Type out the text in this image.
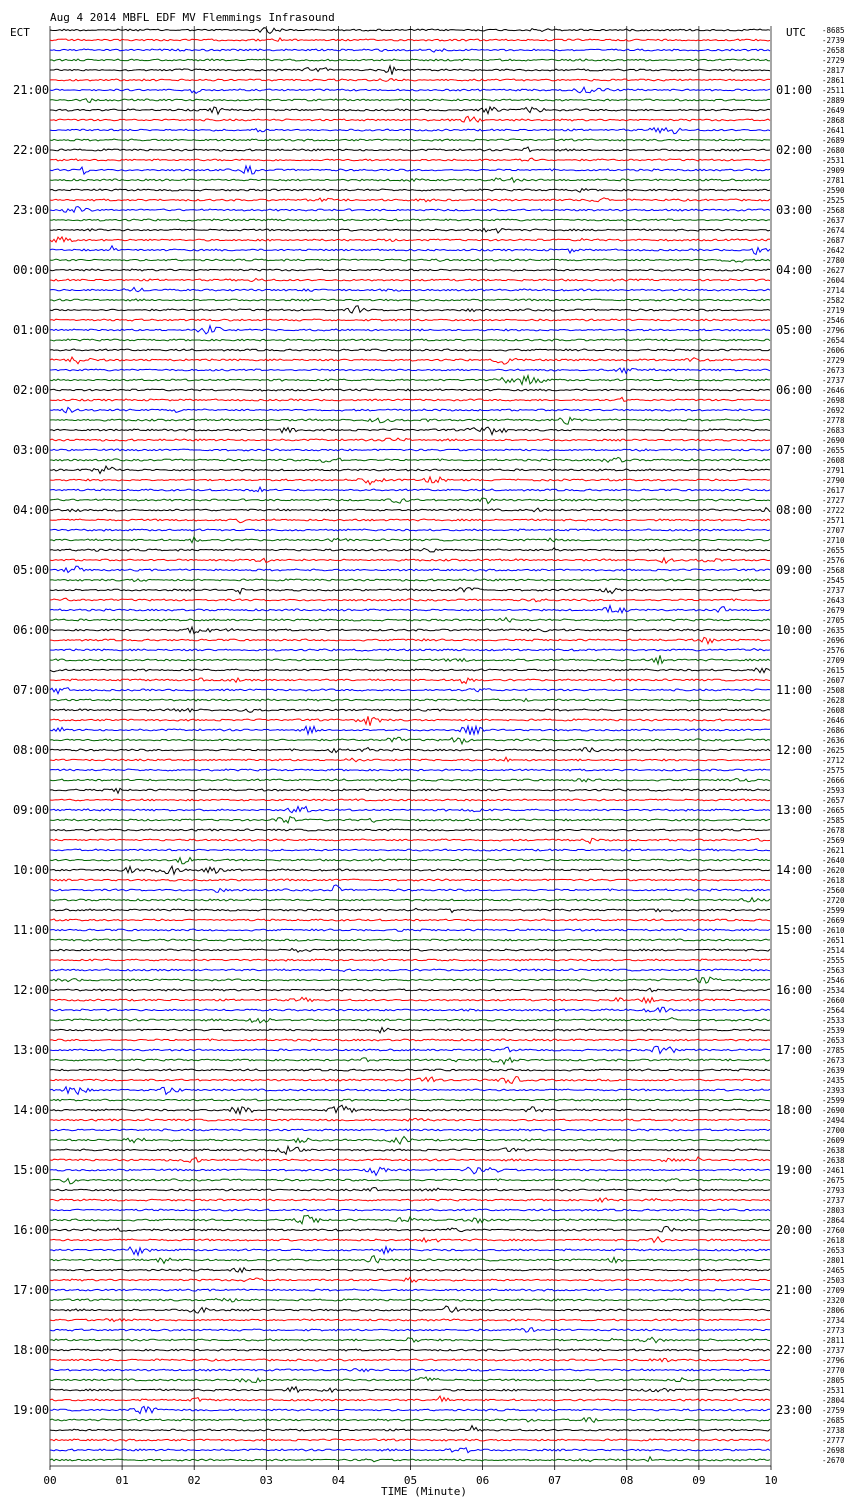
Aug 4 2014 MBFL EDF MV Flemmings Infrasound
ECT	UTC
21:00
22:00
23:00
00:00
01:00
02:00
03:00
04:00
05:00
06:00
07:00
08:00
09:00
10:00
11:00
12:00
13:00
14:00
15:00
16:00
17:00
18:00
19:00
01:00
02:00
03:00
04:00
05:00
06:00
07:00
08:00
09:00
10:00
11:00
12:00
13:00
14:00
15:00
16:00
17:00
18:00
19:00
20:00
21:00
22:00
23:00
-8685
-2739
-2658
-2729
-2817
-2861
-2511
-2889
-2649
-2868
-2641
-2689
-2680
-2531
-2909
-2781
-2590
-2525
-2568
-2637
-2674
-2687
-2642
-2780
-2627
-2604
-2714
-2582
-2719
-2546
-2796
-2654
-2606
-2729
-2673
-2737
-2646
-2698
-2692
-2778
-2683
-2690
-2655
-2608
-2791
-2790
-2617
-2727
-2722
-2571
-2707
-2710
-2655
-2576
-2568
-2545
-2737
-2643
-2679
-2705
-2635
-2696
-2576
-2709
-2615
-2607
-2508
-2628
-2608
-2646
-2686
-2636
-2625
-2712
-2575
-2666
-2593
-2657
-2665
-2585
-2678
-2569
-2621
-2640
-2620
-2618
-2560
-2720
-2599
-2669
-2610
-2651
-2514
-2555
-2563
-2546
-2534
-2660
-2564
-2533
-2539
-2653
-2785
-2673
-2639
-2435
-2393
-2599
-2690
-2494
-2700
-2609
-2638
-2638
-2461
-2675
-2793
-2737
-2803
-2864
-2760
-2618
-2653
-2801
-2465
-2503
-2709
-2320
-2806
-2734
-2773
-2811
-2737
-2796
-2770
-2805
-2531
-2804
-2759
-2685
-2738
-2777
-2698
-2670
00	01	02	03	04	05	06	07	08	09	10
TIME (Minute)
